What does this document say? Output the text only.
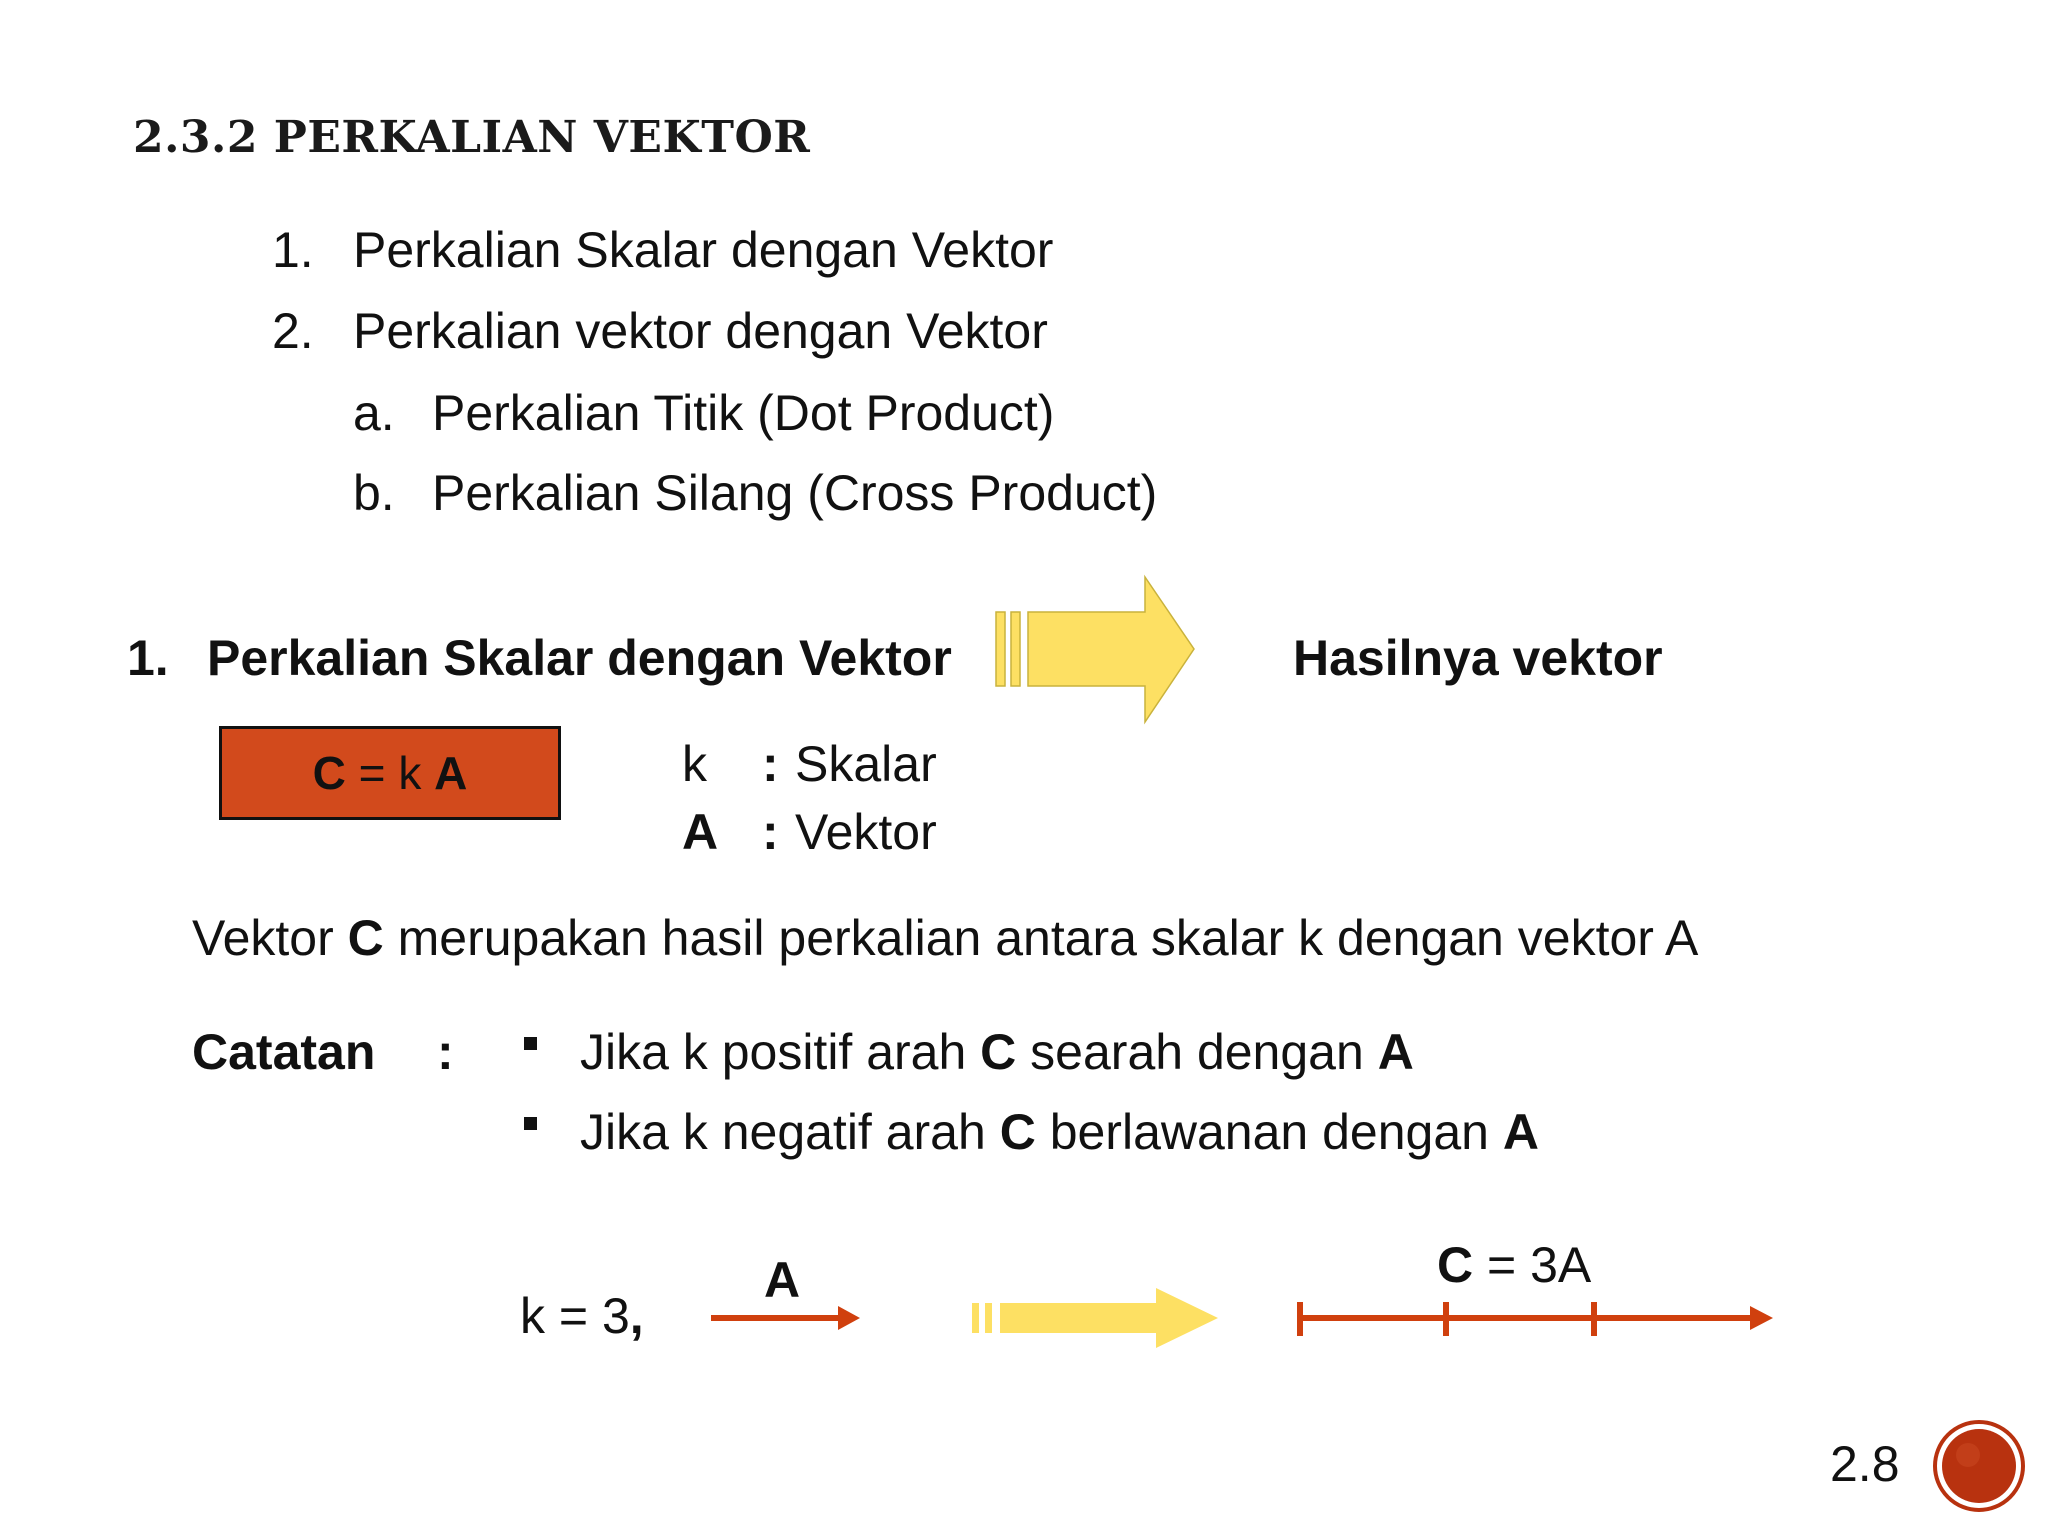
2.3.2 PERKALIAN VEKTOR
1. Perkalian Skalar dengan Vektor
2. Perkalian vektor dengan Vektor
a. Perkalian Titik (Dot Product)
b. Perkalian Silang (Cross Product)
1. Perkalian Skalar dengan Vektor	Hasilnya vektor
C = k A	k : Skalar
A : Vektor
Vektor C merupakan hasil perkalian antara skalar k dengan vektor A
Catatan :	Jika k positif arah C searah dengan A
Jika k negatif arah C berlawanan dengan A
k = 3,
A	C = 3A
2.8
